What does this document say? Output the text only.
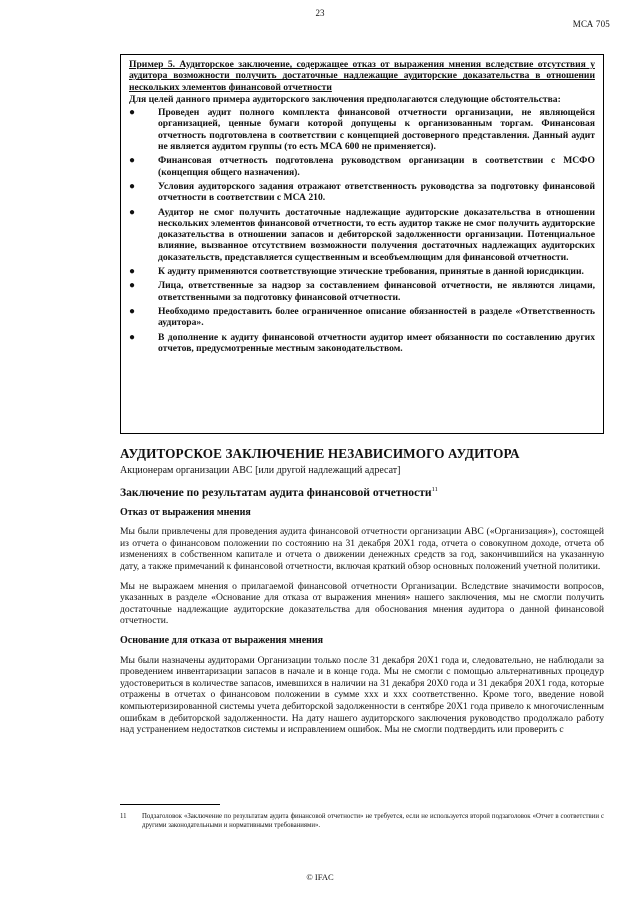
23
МСА 705
Пример 5. Аудиторское заключение, содержащее отказ от выражения мнения вследствие отсутствия у аудитора возможности получить достаточные надлежащие аудиторские доказательства в отношении нескольких элементов финансовой отчетности
Для целей данного примера аудиторского заключения предполагаются следующие обстоятельства:
● Проведен аудит полного комплекта финансовой отчетности организации, не являющейся организацией, ценные бумаги которой допущены к организованным торгам. Финансовая отчетность подготовлена в соответствии с концепцией достоверного представления. Данный аудит не является аудитом группы (то есть МСА 600 не применяется).
● Финансовая отчетность подготовлена руководством организации в соответствии с МСФО (концепция общего назначения).
● Условия аудиторского задания отражают ответственность руководства за подготовку финансовой отчетности в соответствии с МСА 210.
● Аудитор не смог получить достаточные надлежащие аудиторские доказательства в отношении нескольких элементов финансовой отчетности, то есть аудитор также не смог получить аудиторские доказательства в отношении запасов и дебиторской задолженности организации. Потенциальное влияние, вызванное отсутствием возможности получения достаточных надлежащих аудиторских доказательств, представляется существенным и всеобъемлющим для финансовой отчетности.
● К аудиту применяются соответствующие этические требования, принятые в данной юрисдикции.
● Лица, ответственные за надзор за составлением финансовой отчетности, не являются лицами, ответственными за подготовку финансовой отчетности.
● Необходимо предоставить более ограниченное описание обязанностей в разделе «Ответственность аудитора».
● В дополнение к аудиту финансовой отчетности аудитор имеет обязанности по составлению других отчетов, предусмотренные местным законодательством.
АУДИТОРСКОЕ ЗАКЛЮЧЕНИЕ НЕЗАВИСИМОГО АУДИТОРА
Акционерам организации ABC [или другой надлежащий адресат]
Заключение по результатам аудита финансовой отчетности$^{11}$
Отказ от выражения мнения

Мы были привлечены для проведения аудита финансовой отчетности организации ABC («Организация»), состоящей из отчета о финансовом положении по состоянию на 31 декабря 20X1 года, отчета о совокупном доходе, отчета об изменениях в собственном капитале и отчета о движении денежных средств за год, закончившийся на указанную дату, а также примечаний к финансовой отчетности, включая краткий обзор основных положений учетной политики.

Мы не выражаем мнения о прилагаемой финансовой отчетности Организации. Вследствие значимости вопросов, указанных в разделе «Основание для отказа от выражения мнения» нашего заключения, мы не смогли получить достаточные надлежащие аудиторские доказательства для обоснования мнения аудитора о данной финансовой отчетности.

Основание для отказа от выражения мнения

Мы были назначены аудиторами Организации только после 31 декабря 20X1 года и, следовательно, не наблюдали за проведением инвентаризации запасов в начале и в конце года. Мы не смогли с помощью альтернативных процедур удостовериться в количестве запасов, имевшихся в наличии на 31 декабря 20X0 года и 31 декабря 20X1 года, которые отражены в отчетах о финансовом положении в сумме xxx и xxx соответственно. Кроме того, введение новой компьютеризированной системы учета дебиторской задолженности в сентябре 20X1 года привело к многочисленным ошибкам в дебиторской задолженности. На дату нашего аудиторского заключения руководство продолжало работу над устранением недостатков системы и исправлением ошибок. Мы не смогли подтвердить или проверить с

11	Подзаголовок «Заключение по результатам аудита финансовой отчетности» не требуется, если не используется второй подзаголовок «Отчет в соответствии с другими законодательными и нормативными требованиями».
© IFAC
